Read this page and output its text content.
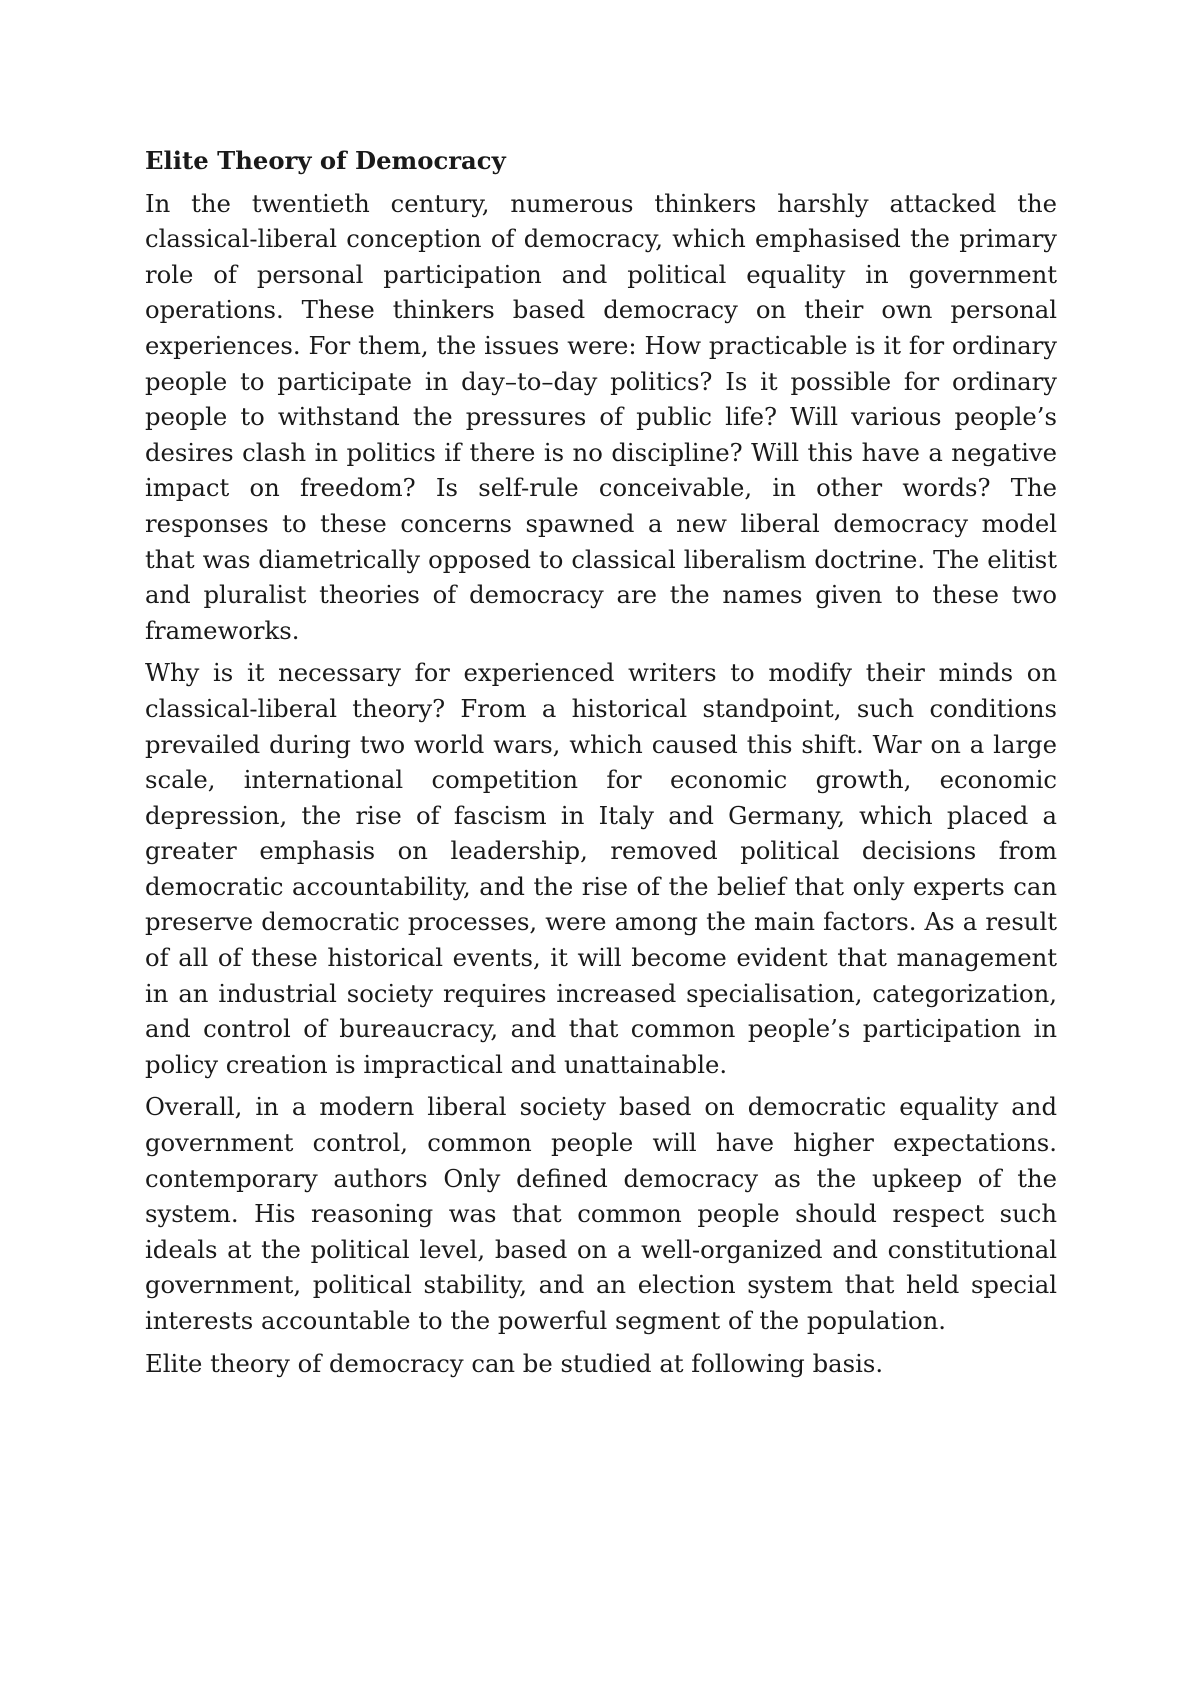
Elite Theory of Democracy

In the twentieth century, numerous thinkers harshly attacked the classical-liberal conception of democracy, which emphasised the primary role of personal participation and political equality in government operations. These thinkers based democracy on their own personal experiences. For them, the issues were: How practicable is it for ordinary people to participate in day–to–day politics? Is it possible for ordinary people to withstand the pressures of public life? Will various people’s desires clash in politics if there is no discipline? Will this have a negative impact on freedom? Is self-rule conceivable, in other words? The responses to these concerns spawned a new liberal democracy model that was diametrically opposed to classical liberalism doctrine. The elitist and pluralist theories of democracy are the names given to these two frameworks.

Why is it necessary for experienced writers to modify their minds on classical-liberal theory? From a historical standpoint, such conditions prevailed during two world wars, which caused this shift. War on a large scale, international competition for economic growth, economic depression, the rise of fascism in Italy and Germany, which placed a greater emphasis on leadership, removed political decisions from democratic accountability, and the rise of the belief that only experts can preserve democratic processes, were among the main factors. As a result of all of these historical events, it will become evident that management in an industrial society requires increased specialisation, categorization, and control of bureaucracy, and that common people’s participation in policy creation is impractical and unattainable.

Overall, in a modern liberal society based on democratic equality and government control, common people will have higher expectations. contemporary authors Only defined democracy as the upkeep of the system. His reasoning was that common people should respect such ideals at the political level, based on a well-organized and constitutional government, political stability, and an election system that held special interests accountable to the powerful segment of the population.

Elite theory of democracy can be studied at following basis.
